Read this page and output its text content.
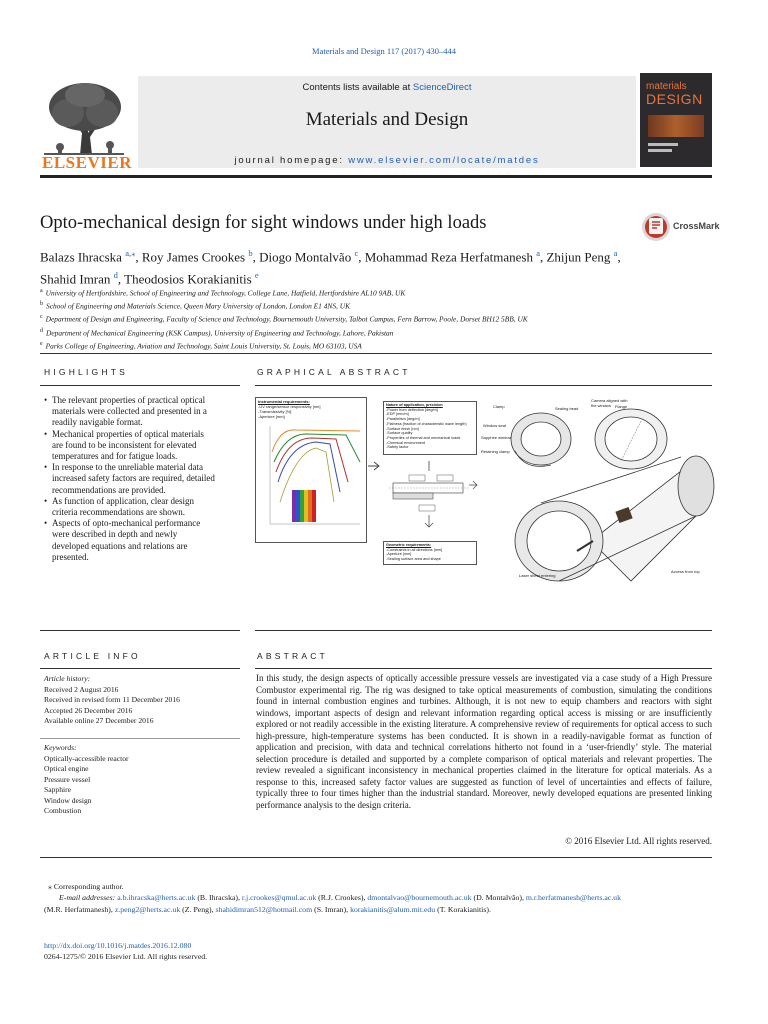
Materials and Design 117 (2017) 430–444
ELSEVIER
Contents lists available at ScienceDirect
Materials and Design
journal homepage: www.elsevier.com/locate/matdes
materials
DESIGN
Opto-mechanical design for sight windows under high loads	CrossMark
Balazs Ihracska $^{a,⁎}$, Roy James Crookes $^b$, Diogo Montalvão $^c$, Mohammad Reza Herfatmanesh $^a$, Zhijun Peng $^a$,
Shahid Imran $^d$, Theodosios Korakianitis $^e$
$^a$ University of Hertfordshire, School of Engineering and Technology, College Lane, Hatfield, Hertfordshire AL10 9AB, UK
$^b$ School of Engineering and Materials Science, Queen Mary University of London, London E1 4NS, UK
$^c$ Department of Design and Engineering, Faculty of Science and Technology, Bournemouth University, Talbot Campus, Fern Barrow, Poole, Dorset BH12 5BB, UK
$^d$ Department of Mechanical Engineering (KSK Campus), University of Engineering and Technology, Lahore, Pakistan
$^e$ Parks College of Engineering, Aviation and Technology, Saint Louis University, St. Louis, MO 63103, USA
HIGHLIGHTS
• The relevant properties of practical optical materials were collected and presented in a readily navigable format.
• Mechanical properties of optical materials are found to be inconsistent for elevated temperatures and for fatigue loads.
• In response to the unreliable material data increased safety factors are required, detailed recommendations are provided.
• As function of application, clear design criteria recommendations are shown.
• Aspects of opto-mechanical performance were described in depth and newly developed equations and relations are presented.
GRAPHICAL ABSTRACT
Instrumental requirements:
-UV range/sensor responsivity [nm]
-Transmissivity [%]
-Aperture [mm]
Nature of application, precision
-Power from deflection [deg/m]
-EDP [mm/m]
-Parallelism [deg/m]
-Flatness (fraction of characteristic wave length)
-Surface finish [nm]
-Surface quality
-Properties of thermal and mechanical loads
-Chemical environment
-Safety factor
Geometric requirements:
-Constraints in all directions [mm]
-Aperture [mm]
-Sealing surface area and shape
Clamp	Sealing bead
Window seat
Sapphire window
Retaining clamp
Flange
Laser sheet entering
Camera aligned with the window
Access from top
ARTICLE INFO
Article history:
Received 2 August 2016
Received in revised form 11 December 2016
Accepted 26 December 2016
Available online 27 December 2016
Keywords:
Optically-accessible reactor
Optical engine
Pressure vessel
Sapphire
Window design
Combustion
ABSTRACT
In this study, the design aspects of optically accessible pressure vessels are investigated via a case study of a High Pressure Combustor experimental rig. The rig was designed to take optical measurements of combustion, simulating the conditions found in internal combustion engines and turbines. Although, it is not new to equip chambers and reactors with sight windows, important aspects of design and relevant information regarding optical access is missing or are insufficiently explored or not readily accessible in the existing literature. A comprehensive review of requirements for optical access to such high-pressure, high-temperature systems has been conducted. It is shown in a readily-navigable format as function of application and precision, with data and technical correlations hitherto not found in a ‘user-friendly’ style. The material selection procedure is detailed and supported by a complete comparison of optical materials and relevant properties. The review revealed a significant inconsistency in mechanical properties claimed in the literature for optical materials. As a response to this, increased safety factor values are suggested as function of level of uncertainties and effects of failure, typically three to four times higher than the industrial standard. Moreover, newly developed equations are presented linking performance analysis to the design criteria.
© 2016 Elsevier Ltd. All rights reserved.
⁎ Corresponding author.
E-mail addresses: a.b.ihracska@herts.ac.uk (B. Ihracska), r.j.crookes@qmul.ac.uk (R.J. Crookes), dmontalvao@bournemouth.ac.uk (D. Montalvão), m.r.herfatmanesh@herts.ac.uk
(M.R. Herfatmanesh), z.peng2@herts.ac.uk (Z. Peng), shahidimran512@hotmail.com (S. Imran), korakianitis@alum.mit.edu (T. Korakianitis).
http://dx.doi.org/10.1016/j.matdes.2016.12.080
0264-1275/© 2016 Elsevier Ltd. All rights reserved.
